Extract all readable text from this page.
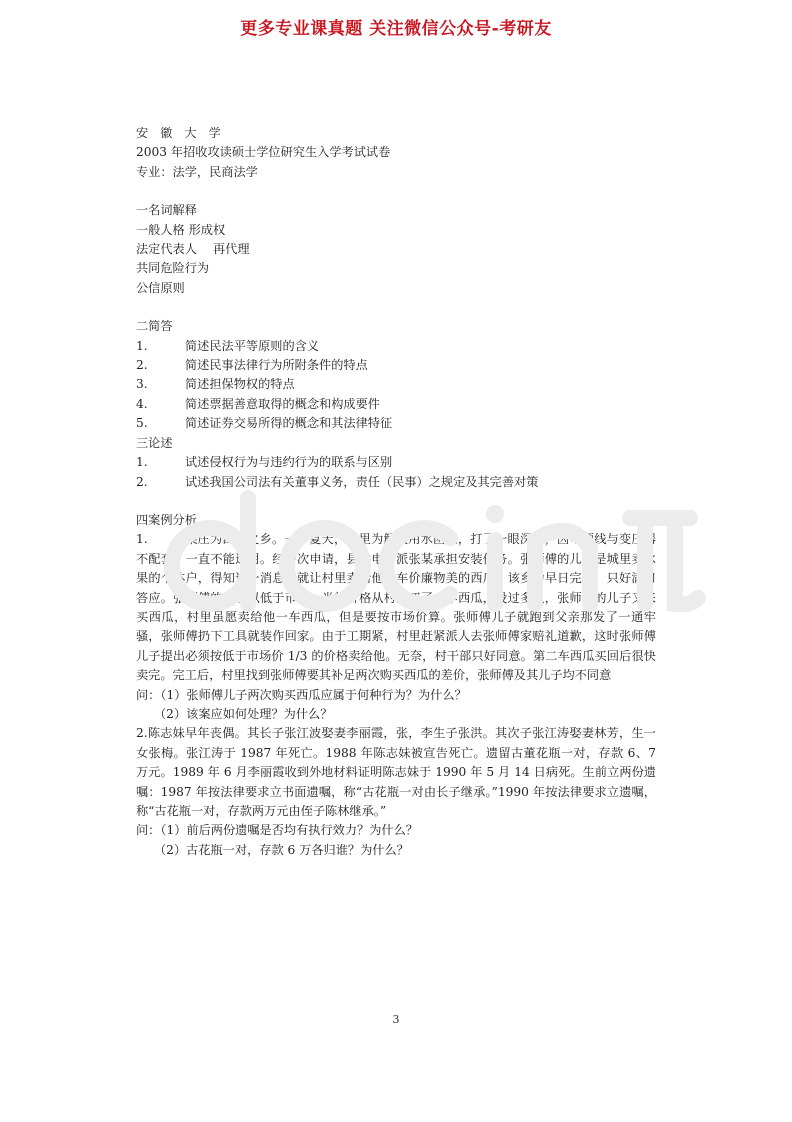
更多专业课真题 关注微信公众号-考研友
安徽大学
2003 年招收攻读硕士学位研究生入学考试试卷
专业：法学，民商法学
一名词解释
一般人格 形成权
法定代表人　 再代理
共同危险行为
公信原则
二简答
1.	简述民法平等原则的含义
2.	简述民事法律行为所附条件的特点
3.	简述担保物权的特点
4.	简述票据善意取得的概念和构成要件
5.	简述证券交易所得的概念和其法律特征
三论述
1.	试述侵权行为与违约行为的联系与区别
2.	试述我国公司法有关董事义务，责任（民事）之规定及其完善对策
四案例分析
1.	某庄为西瓜之乡。一年夏天，村里为解决用水困难，打了一眼深井，因电源线与变压器不配套，一直不能适用。经多次申请，县供电局派张某承担安装任务。张师傅的儿子是城里卖水果的个体户，得知这一消息后就让村里卖给他一车价廉物美的西瓜，该乡为早日完工，只好满口答应。张师傅的儿子以低于市价一半的价格从村里买了一车西瓜，没过多久，张师傅的儿子又来买西瓜，村里虽愿卖给他一车西瓜，但是要按市场价算。张师傅儿子就跑到父亲那发了一通牢骚，张师傅扔下工具就装作回家。由于工期紧，村里赶紧派人去张师傅家赔礼道歉，这时张师傅儿子提出必须按低于市场价 1/3 的价格卖给他。无奈，村干部只好同意。第二车西瓜买回后很快卖完。完工后，村里找到张师傅要其补足两次购买西瓜的差价，张师傅及其儿子均不同意
问：（1）张师傅儿子两次购买西瓜应属于何种行为？为什么？
（2）该案应如何处理？为什么？
2.陈志妹早年丧偶。其长子张江波娶妻李丽霞，张，李生子张洪。其次子张江涛娶妻林芳，生一女张梅。张江涛于 1987 年死亡。1988 年陈志妹被宣告死亡。遗留古董花瓶一对，存款 6、7 万元。1989 年 6 月李丽霞收到外地材料证明陈志妹于 1990 年 5 月 14 日病死。生前立两份遗嘱：1987 年按法律要求立书面遗嘱，称“古花瓶一对由长子继承。”1990 年按法律要求立遗嘱，称“古花瓶一对，存款两万元由侄子陈林继承。”
问：（1）前后两份遗嘱是否均有执行效力？为什么？
（2）古花瓶一对，存款 6 万各归谁？为什么？
3
